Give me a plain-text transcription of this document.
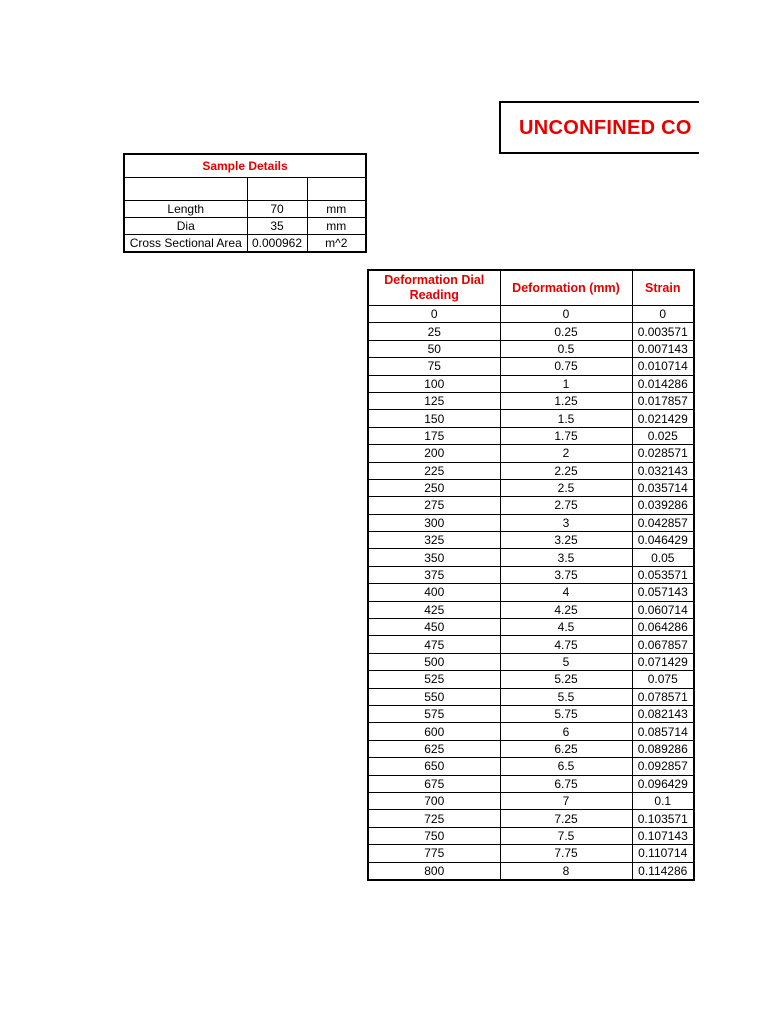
UNCONFINED CO
Sample Details		

Length	70	mm
Dia	35	mm
Cross Sectional Area	0.000962	m^2
Deformation Dial Reading	Deformation (mm)	Strain
0	0	0
25	0.25	0.003571
50	0.5	0.007143
75	0.75	0.010714
100	1	0.014286
125	1.25	0.017857
150	1.5	0.021429
175	1.75	0.025
200	2	0.028571
225	2.25	0.032143
250	2.5	0.035714
275	2.75	0.039286
300	3	0.042857
325	3.25	0.046429
350	3.5	0.05
375	3.75	0.053571
400	4	0.057143
425	4.25	0.060714
450	4.5	0.064286
475	4.75	0.067857
500	5	0.071429
525	5.25	0.075
550	5.5	0.078571
575	5.75	0.082143
600	6	0.085714
625	6.25	0.089286
650	6.5	0.092857
675	6.75	0.096429
700	7	0.1
725	7.25	0.103571
750	7.5	0.107143
775	7.75	0.110714
800	8	0.114286
